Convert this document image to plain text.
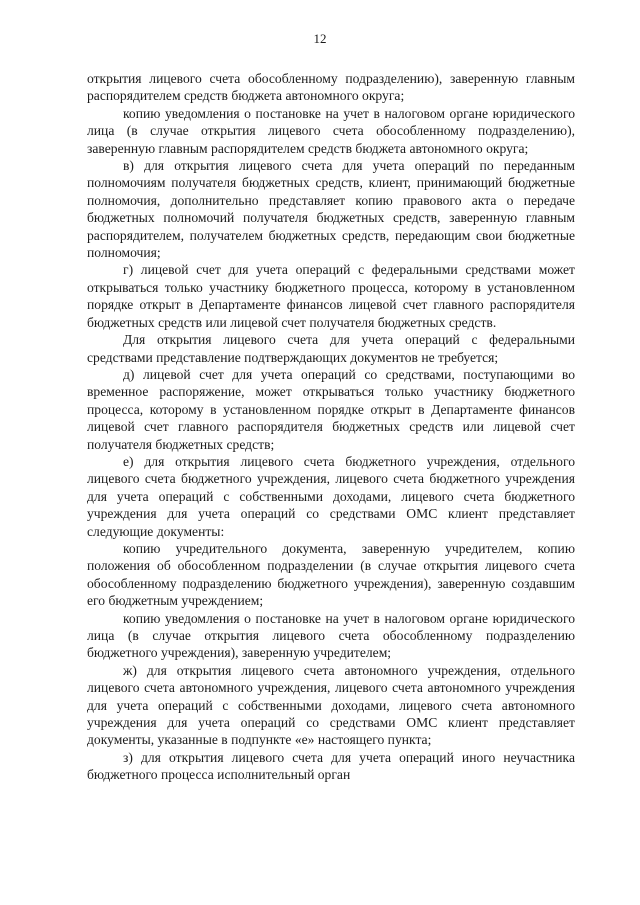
12

открытия лицевого счета обособленному подразделению), заверенную главным распорядителем средств бюджета автономного округа;

копию уведомления о постановке на учет в налоговом органе юридического лица (в случае открытия лицевого счета обособленному подразделению), заверенную главным распорядителем средств бюджета автономного округа;

в) для открытия лицевого счета для учета операций по переданным полномочиям получателя бюджетных средств, клиент, принимающий бюджетные полномочия, дополнительно представляет копию правового акта о передаче бюджетных полномочий получателя бюджетных средств, заверенную главным распорядителем, получателем бюджетных средств, передающим свои бюджетные полномочия;

г) лицевой счет для учета операций с федеральными средствами может открываться только участнику бюджетного процесса, которому в установленном порядке открыт в Департаменте финансов лицевой счет главного распорядителя бюджетных средств или лицевой счет получателя бюджетных средств.

Для открытия лицевого счета для учета операций с федеральными средствами представление подтверждающих документов не требуется;

д) лицевой счет для учета операций со средствами, поступающими во временное распоряжение, может открываться только участнику бюджетного процесса, которому в установленном порядке открыт в Департаменте финансов лицевой счет главного распорядителя бюджетных средств или лицевой счет получателя бюджетных средств;

е) для открытия лицевого счета бюджетного учреждения, отдельного лицевого счета бюджетного учреждения, лицевого счета бюджетного учреждения для учета операций с собственными доходами, лицевого счета бюджетного учреждения для учета операций со средствами ОМС клиент представляет следующие документы:

копию учредительного документа, заверенную учредителем, копию положения об обособленном подразделении (в случае открытия лицевого счета обособленному подразделению бюджетного учреждения), заверенную создавшим его бюджетным учреждением;

копию уведомления о постановке на учет в налоговом органе юридического лица (в случае открытия лицевого счета обособленному подразделению бюджетного учреждения), заверенную учредителем;

ж) для открытия лицевого счета автономного учреждения, отдельного лицевого счета автономного учреждения, лицевого счета автономного учреждения для учета операций с собственными доходами, лицевого счета автономного учреждения для учета операций со средствами ОМС клиент представляет документы, указанные в подпункте «е» настоящего пункта;

з) для открытия лицевого счета для учета операций иного неучастника бюджетного процесса исполнительный орган
